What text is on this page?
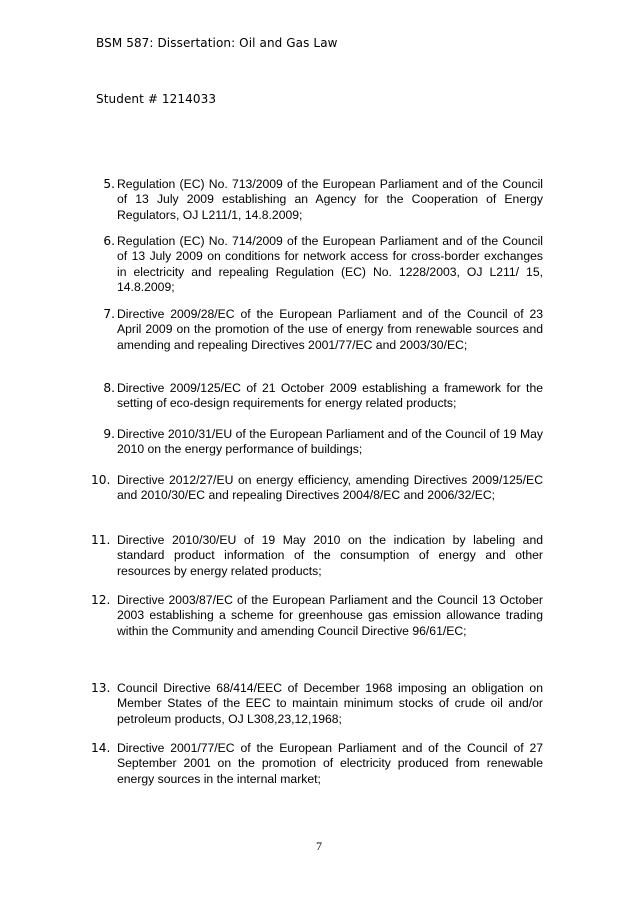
BSM 587: Dissertation: Oil and Gas Law
Student # 1214033
5. Regulation (EC) No. 713/2009 of the European Parliament and of the Council of 13 July 2009 establishing an Agency for the Cooperation of Energy Regulators, OJ L211/1, 14.8.2009;
6. Regulation (EC) No. 714/2009 of the European Parliament and of the Council of 13 July 2009 on conditions for network access for cross-border exchanges in electricity and repealing Regulation (EC) No. 1228/2003, OJ L211/ 15, 14.8.2009;
7. Directive 2009/28/EC of the European Parliament and of the Council of 23 April 2009 on the promotion of the use of energy from renewable sources and amending and repealing Directives 2001/77/EC and 2003/30/EC;
8. Directive 2009/125/EC of 21 October 2009 establishing a framework for the setting of eco-design requirements for energy related products;
9. Directive 2010/31/EU of the European Parliament and of the Council of 19 May 2010 on the energy performance of buildings;
10. Directive 2012/27/EU on energy efficiency, amending Directives 2009/125/EC and 2010/30/EC and repealing Directives 2004/8/EC and 2006/32/EC;
11. Directive 2010/30/EU of 19 May 2010 on the indication by labeling and standard product information of the consumption of energy and other resources by energy related products;
12. Directive 2003/87/EC of the European Parliament and the Council 13 October 2003 establishing a scheme for greenhouse gas emission allowance trading within the Community and amending Council Directive 96/61/EC;
13. Council Directive 68/414/EEC of December 1968 imposing an obligation on Member States of the EEC to maintain minimum stocks of crude oil and/or petroleum products, OJ L308,23,12,1968;
14. Directive 2001/77/EC of the European Parliament and of the Council of 27 September 2001 on the promotion of electricity produced from renewable energy sources in the internal market;
7
